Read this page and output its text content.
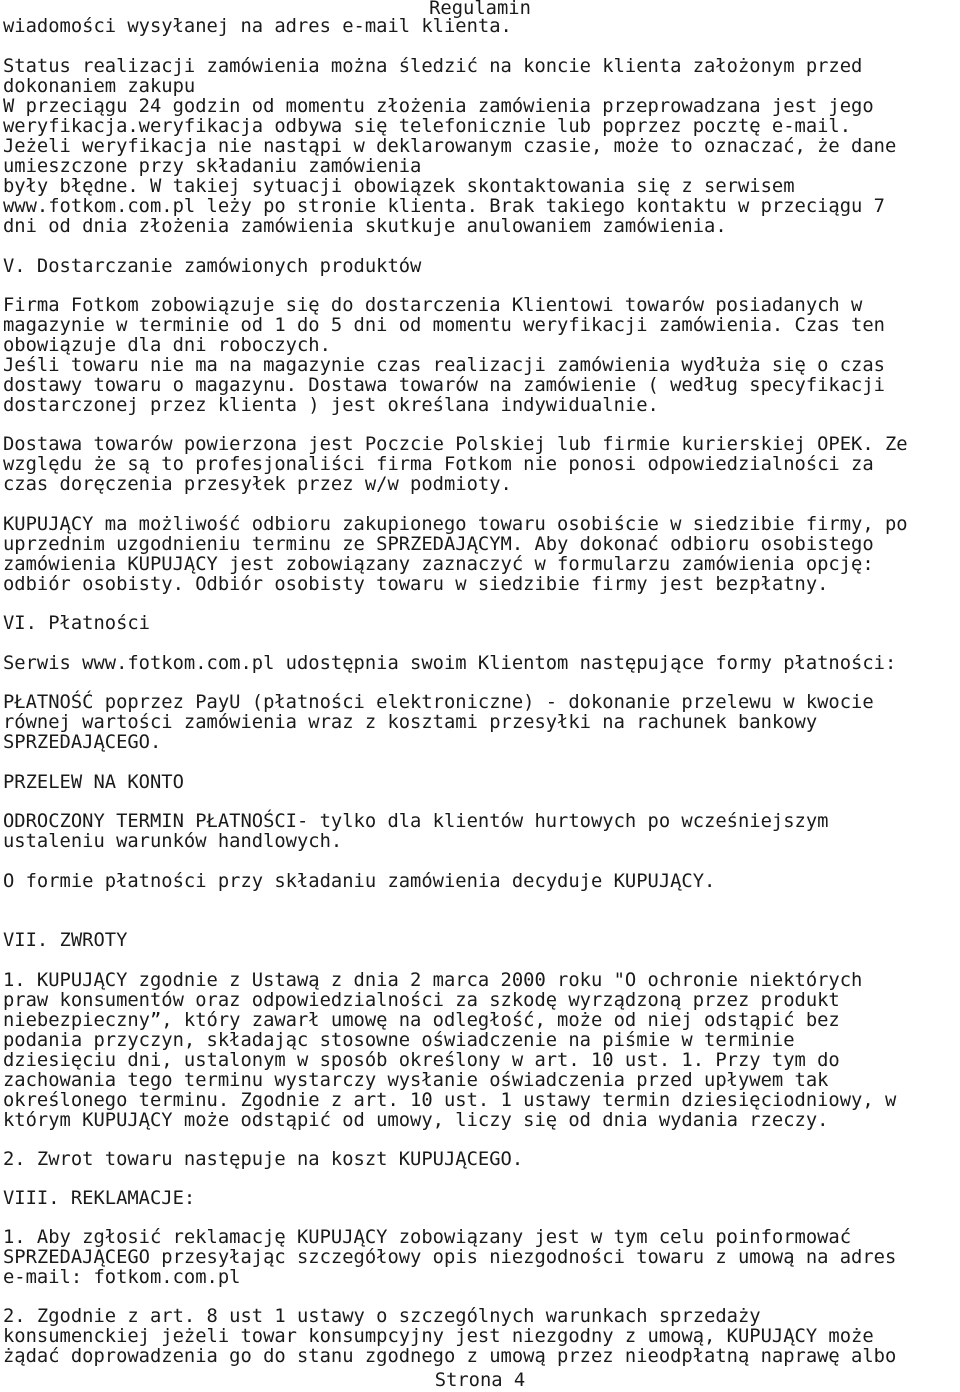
Regulamin
wiadomości wysyłanej na adres e-mail klienta.
Status realizacji zamówienia można śledzić na koncie klienta założonym przed
dokonaniem zakupu
W przeciągu 24 godzin od momentu złożenia zamówienia przeprowadzana jest jego
weryfikacja.weryfikacja odbywa się telefonicznie lub poprzez pocztę e-mail.
Jeżeli weryfikacja nie nastąpi w deklarowanym czasie, może to oznaczać, że dane
umieszczone przy składaniu zamówienia
były błędne. W takiej sytuacji obowiązek skontaktowania się z serwisem
www.fotkom.com.pl leży po stronie klienta. Brak takiego kontaktu w przeciągu 7
dni od dnia złożenia zamówienia skutkuje anulowaniem zamówienia.
V. Dostarczanie zamówionych produktów
Firma Fotkom zobowiązuje się do dostarczenia Klientowi towarów posiadanych w
magazynie w terminie od 1 do 5 dni od momentu weryfikacji zamówienia. Czas ten
obowiązuje dla dni roboczych.
Jeśli towaru nie ma na magazynie czas realizacji zamówienia wydłuża się o czas
dostawy towaru o magazynu. Dostawa towarów na zamówienie ( według specyfikacji
dostarczonej przez klienta ) jest określana indywidualnie.
Dostawa towarów powierzona jest Poczcie Polskiej lub firmie kurierskiej OPEK. Ze
względu że są to profesjonaliści firma Fotkom nie ponosi odpowiedzialności za
czas doręczenia przesyłek przez w/w podmioty.
KUPUJĄCY ma możliwość odbioru zakupionego towaru osobiście w siedzibie firmy, po
uprzednim uzgodnieniu terminu ze SPRZEDAJĄCYM. Aby dokonać odbioru osobistego
zamówienia KUPUJĄCY jest zobowiązany zaznaczyć w formularzu zamówienia opcję:
odbiór osobisty. Odbiór osobisty towaru w siedzibie firmy jest bezpłatny.
VI. Płatności
Serwis www.fotkom.com.pl udostępnia swoim Klientom następujące formy płatności:
PŁATNOŚĆ poprzez PayU (płatności elektroniczne) - dokonanie przelewu w kwocie
równej wartości zamówienia wraz z kosztami przesyłki na rachunek bankowy
SPRZEDAJĄCEGO.
PRZELEW NA KONTO
ODROCZONY TERMIN PŁATNOŚCI- tylko dla klientów hurtowych po wcześniejszym
ustaleniu warunków handlowych.
O formie płatności przy składaniu zamówienia decyduje KUPUJĄCY.
VII. ZWROTY
1. KUPUJĄCY zgodnie z Ustawą z dnia 2 marca 2000 roku "O ochronie niektórych
praw konsumentów oraz odpowiedzialności za szkodę wyrządzoną przez produkt
niebezpieczny”, który zawarł umowę na odległość, może od niej odstąpić bez
podania przyczyn, składając stosowne oświadczenie na piśmie w terminie
dziesięciu dni, ustalonym w sposób określony w art. 10 ust. 1. Przy tym do
zachowania tego terminu wystarczy wysłanie oświadczenia przed upływem tak
określonego terminu. Zgodnie z art. 10 ust. 1 ustawy termin dziesięciodniowy, w
którym KUPUJĄCY może odstąpić od umowy, liczy się od dnia wydania rzeczy.
2. Zwrot towaru następuje na koszt KUPUJĄCEGO.
VIII. REKLAMACJE:
1. Aby zgłosić reklamację KUPUJĄCY zobowiązany jest w tym celu poinformować
SPRZEDAJĄCEGO przesyłając szczegółowy opis niezgodności towaru z umową na adres
e-mail: fotkom.com.pl
2. Zgodnie z art. 8 ust 1 ustawy o szczególnych warunkach sprzedaży
konsumenckiej jeżeli towar konsumpcyjny jest niezgodny z umową, KUPUJĄCY może
żądać doprowadzenia go do stanu zgodnego z umową przez nieodpłatną naprawę albo
Strona 4
